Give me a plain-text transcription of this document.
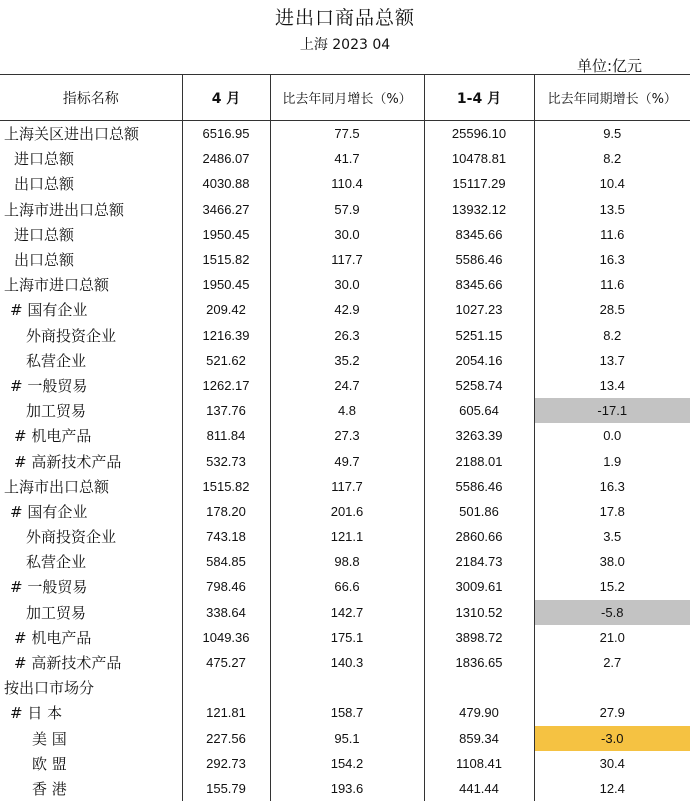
进出口商品总额
上海 2023 04
单位:亿元
指标名称	4 月	比去年同月增长（%）	1-4 月	比去年同期增长（%）
上海关区进出口总额	6516.95	77.5	25596.10	9.5
进口总额	2486.07	41.7	10478.81	8.2
出口总额	4030.88	110.4	15117.29	10.4
上海市进出口总额	3466.27	57.9	13932.12	13.5
进口总额	1950.45	30.0	8345.66	11.6
出口总额	1515.82	117.7	5586.46	16.3
上海市进口总额	1950.45	30.0	8345.66	11.6
# 国有企业	209.42	42.9	1027.23	28.5
外商投资企业	1216.39	26.3	5251.15	8.2
私营企业	521.62	35.2	2054.16	13.7
# 一般贸易	1262.17	24.7	5258.74	13.4
加工贸易	137.76	4.8	605.64	-17.1
# 机电产品	811.84	27.3	3263.39	0.0
# 高新技术产品	532.73	49.7	2188.01	1.9
上海市出口总额	1515.82	117.7	5586.46	16.3
# 国有企业	178.20	201.6	501.86	17.8
外商投资企业	743.18	121.1	2860.66	3.5
私营企业	584.85	98.8	2184.73	38.0
# 一般贸易	798.46	66.6	3009.61	15.2
加工贸易	338.64	142.7	1310.52	-5.8
# 机电产品	1049.36	175.1	3898.72	21.0
# 高新技术产品	475.27	140.3	1836.65	2.7
按出口市场分				
# 日 本	121.81	158.7	479.90	27.9
美 国	227.56	95.1	859.34	-3.0
欧 盟	292.73	154.2	1108.41	30.4
香 港	155.79	193.6	441.44	12.4
